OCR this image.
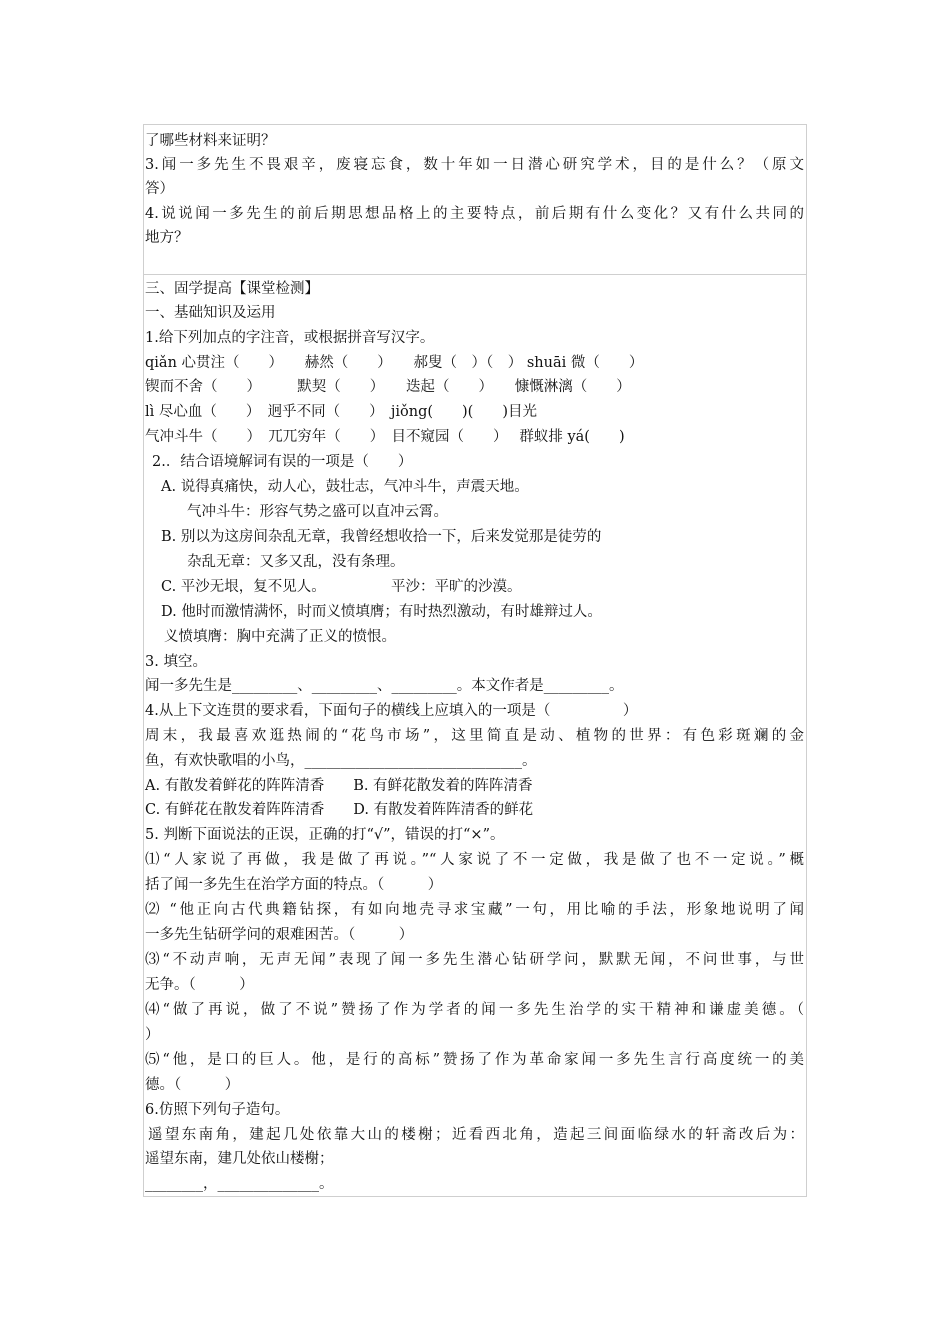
了哪些材料来证明？
3.闻一多先生不畏艰辛，废寝忘食，数十年如一日潜心研究学术，目的是什么？（原文
答）
4.说说闻一多先生的前后期思想品格上的主要特点，前后期有什么变化？又有什么共同的
地方？
三、固学提高【课堂检测】
一、基础知识及运用
1.给下列加点的字注音，或根据拼音写汉字。
qiǎn 心贯注（　　）　　赫然（　　）　　郝叟（　）（　） shuāi 微（　　）
锲而不舍（　　）　　　默契（　　）　　迭起（　　）　　慷慨淋漓（　　）
lì 尽心血（　　）　迥乎不同（　　）　jiǒng(　　)(　　)目光
气冲斗牛（　　）　兀兀穷年（　　）　目不窥园（　　）　 群蚁排 yá(　　)
2.．结合语境解词有误的一项是（　　）
A. 说得真痛快，动人心，鼓壮志，气冲斗牛，声震天地。
气冲斗牛：形容气势之盛可以直冲云霄。
B. 别以为这房间杂乱无章，我曾经想收拾一下，后来发觉那是徒劳的
杂乱无章：又多又乱，没有条理。
C. 平沙无垠，复不见人。　　　　　平沙：平旷的沙漠。
D. 他时而激情满怀，时而义愤填膺；有时热烈激动，有时雄辩过人。
义愤填膺：胸中充满了正义的愤恨。
3. 填空。
闻一多先生是_________、_________、_________。本文作者是_________。
4.从上下文连贯的要求看，下面句子的横线上应填入的一项是（　　　　　）
周末，我最喜欢逛热闹的“花鸟市场”，这里简直是动、植物的世界：有色彩斑斓的金
鱼，有欢快歌唱的小鸟，______________________________。
A. 有散发着鲜花的阵阵清香　　B. 有鲜花散发着的阵阵清香
C. 有鲜花在散发着阵阵清香　　D. 有散发着阵阵清香的鲜花
5. 判断下面说法的正误，正确的打“√”，错误的打“×”。
⑴“人家说了再做，我是做了再说。”“人家说了不一定做，我是做了也不一定说。”概
括了闻一多先生在治学方面的特点。（　　　）
⑵ “他正向古代典籍钻探，有如向地壳寻求宝藏”一句，用比喻的手法，形象地说明了闻
一多先生钻研学问的艰难困苦。（　　　）
⑶“不动声响，无声无闻”表现了闻一多先生潜心钻研学问，默默无闻，不问世事，与世
无争。（　　　）
⑷“做了再说，做了不说”赞扬了作为学者的闻一多先生治学的实干精神和谦虚美德。（
）
⑸“他，是口的巨人。他，是行的高标”赞扬了作为革命家闻一多先生言行高度统一的美
德。（　　　）
6.仿照下列句子造句。
遥望东南角，建起几处依靠大山的楼榭；近看西北角，造起三间面临绿水的轩斋改后为：
遥望东南，建几处依山楼榭；
________，______________。
